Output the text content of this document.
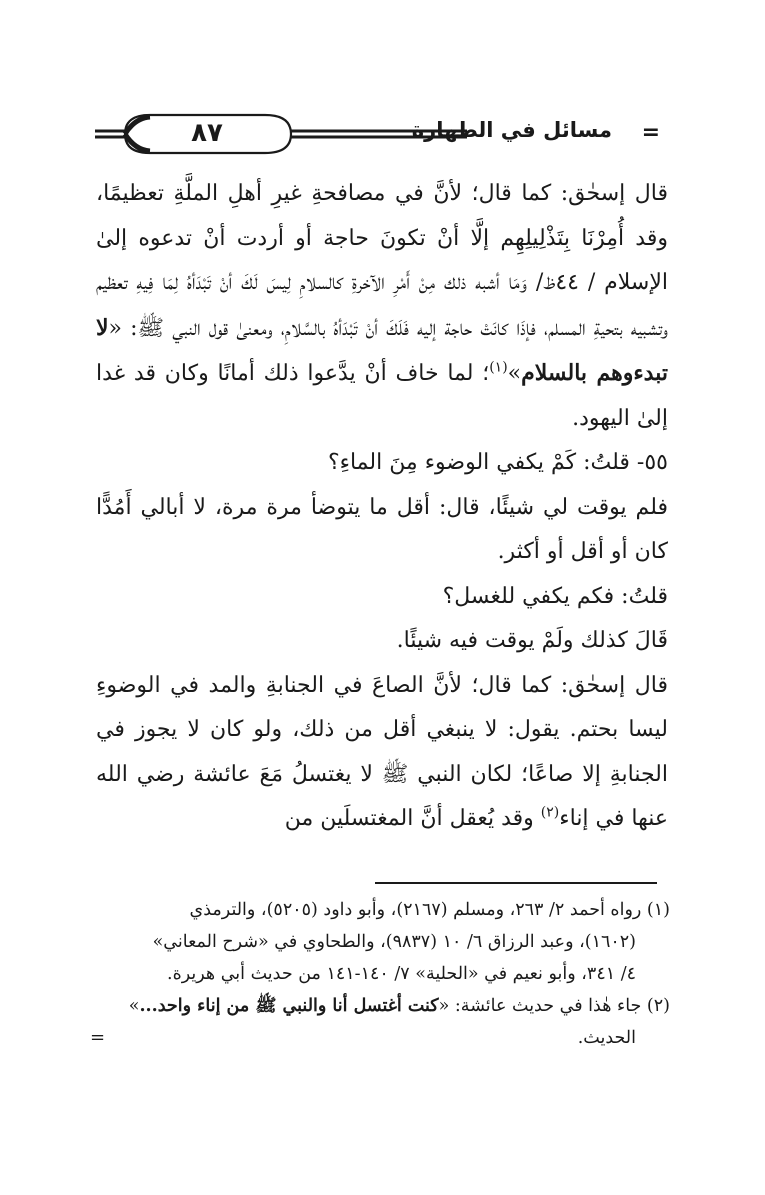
٨٧	مسائل في الطهارة =

قال إسحٰق: كما قال؛ لأنَّ في مصافحةِ غيرِ أهلِ الملَّةِ تعظيمًا، وقد أُمِرْنَا بِتَذْلِيلِهِم إلَّا أنْ تكونَ حاجة أو أردت أنْ تدعوه إلىٰ الإسلام / ٤٤ظ/ وَمَا أشبه ذلك مِنْ أَمْرِ الآخرةِ كالسلامِ لِيسَ لَكَ أنْ تَبْدَأهُ لِمَا فِيهِ تعظيم وتشبيه بتحيةِ المسلم، فإذَا كانَتْ حاجة إليه فَلَكَ أنْ تَبْدَأهُ بالسَّلامِ، ومعنىٰ قول النبي ﷺ: «لا تبدءوهم بالسلام»$^{(١)}$؛ لما خاف أنْ يدَّعوا ذلك أمانًا وكان قد غدا إلىٰ اليهود.

٥٥- قلتُ: كَمْ يكفي الوضوء مِنَ الماءِ؟

فلم يوقت لي شيئًا، قال: أقل ما يتوضأ مرة مرة، لا أبالي أَمُدًّا كان أو أقل أو أكثر.

قلتُ: فكم يكفي للغسل؟

قَالَ كذلك ولَمْ يوقت فيه شيئًا.

قال إسحٰق: كما قال؛ لأنَّ الصاعَ في الجنابةِ والمد في الوضوءِ ليسا بحتم. يقول: لا ينبغي أقل من ذلك، ولو كان لا يجوز في الجنابةِ إلا صاعًا؛ لكان النبي ﷺ لا يغتسلُ مَعَ عائشة رضي الله عنها في إناء$^{(٢)}$ وقد يُعقل أنَّ المغتسلَين من

(١) رواه أحمد ٢/ ٢٦٣، ومسلم (٢١٦٧)، وأبو داود (٥٢٠٥)، والترمذي

(١٦٠٢)، وعبد الرزاق ٦/ ١٠ (٩٨٣٧)، والطحاوي في «شرح المعاني»

٤/ ٣٤١، وأبو نعيم في «الحلية» ٧/ ١٤٠-١٤١ من حديث أبي هريرة.

(٢) جاء هٰذا في حديث عائشة: «كنت أغتسل أنا والنبي ﷺ من إناء واحد...»

الحديث.
=
